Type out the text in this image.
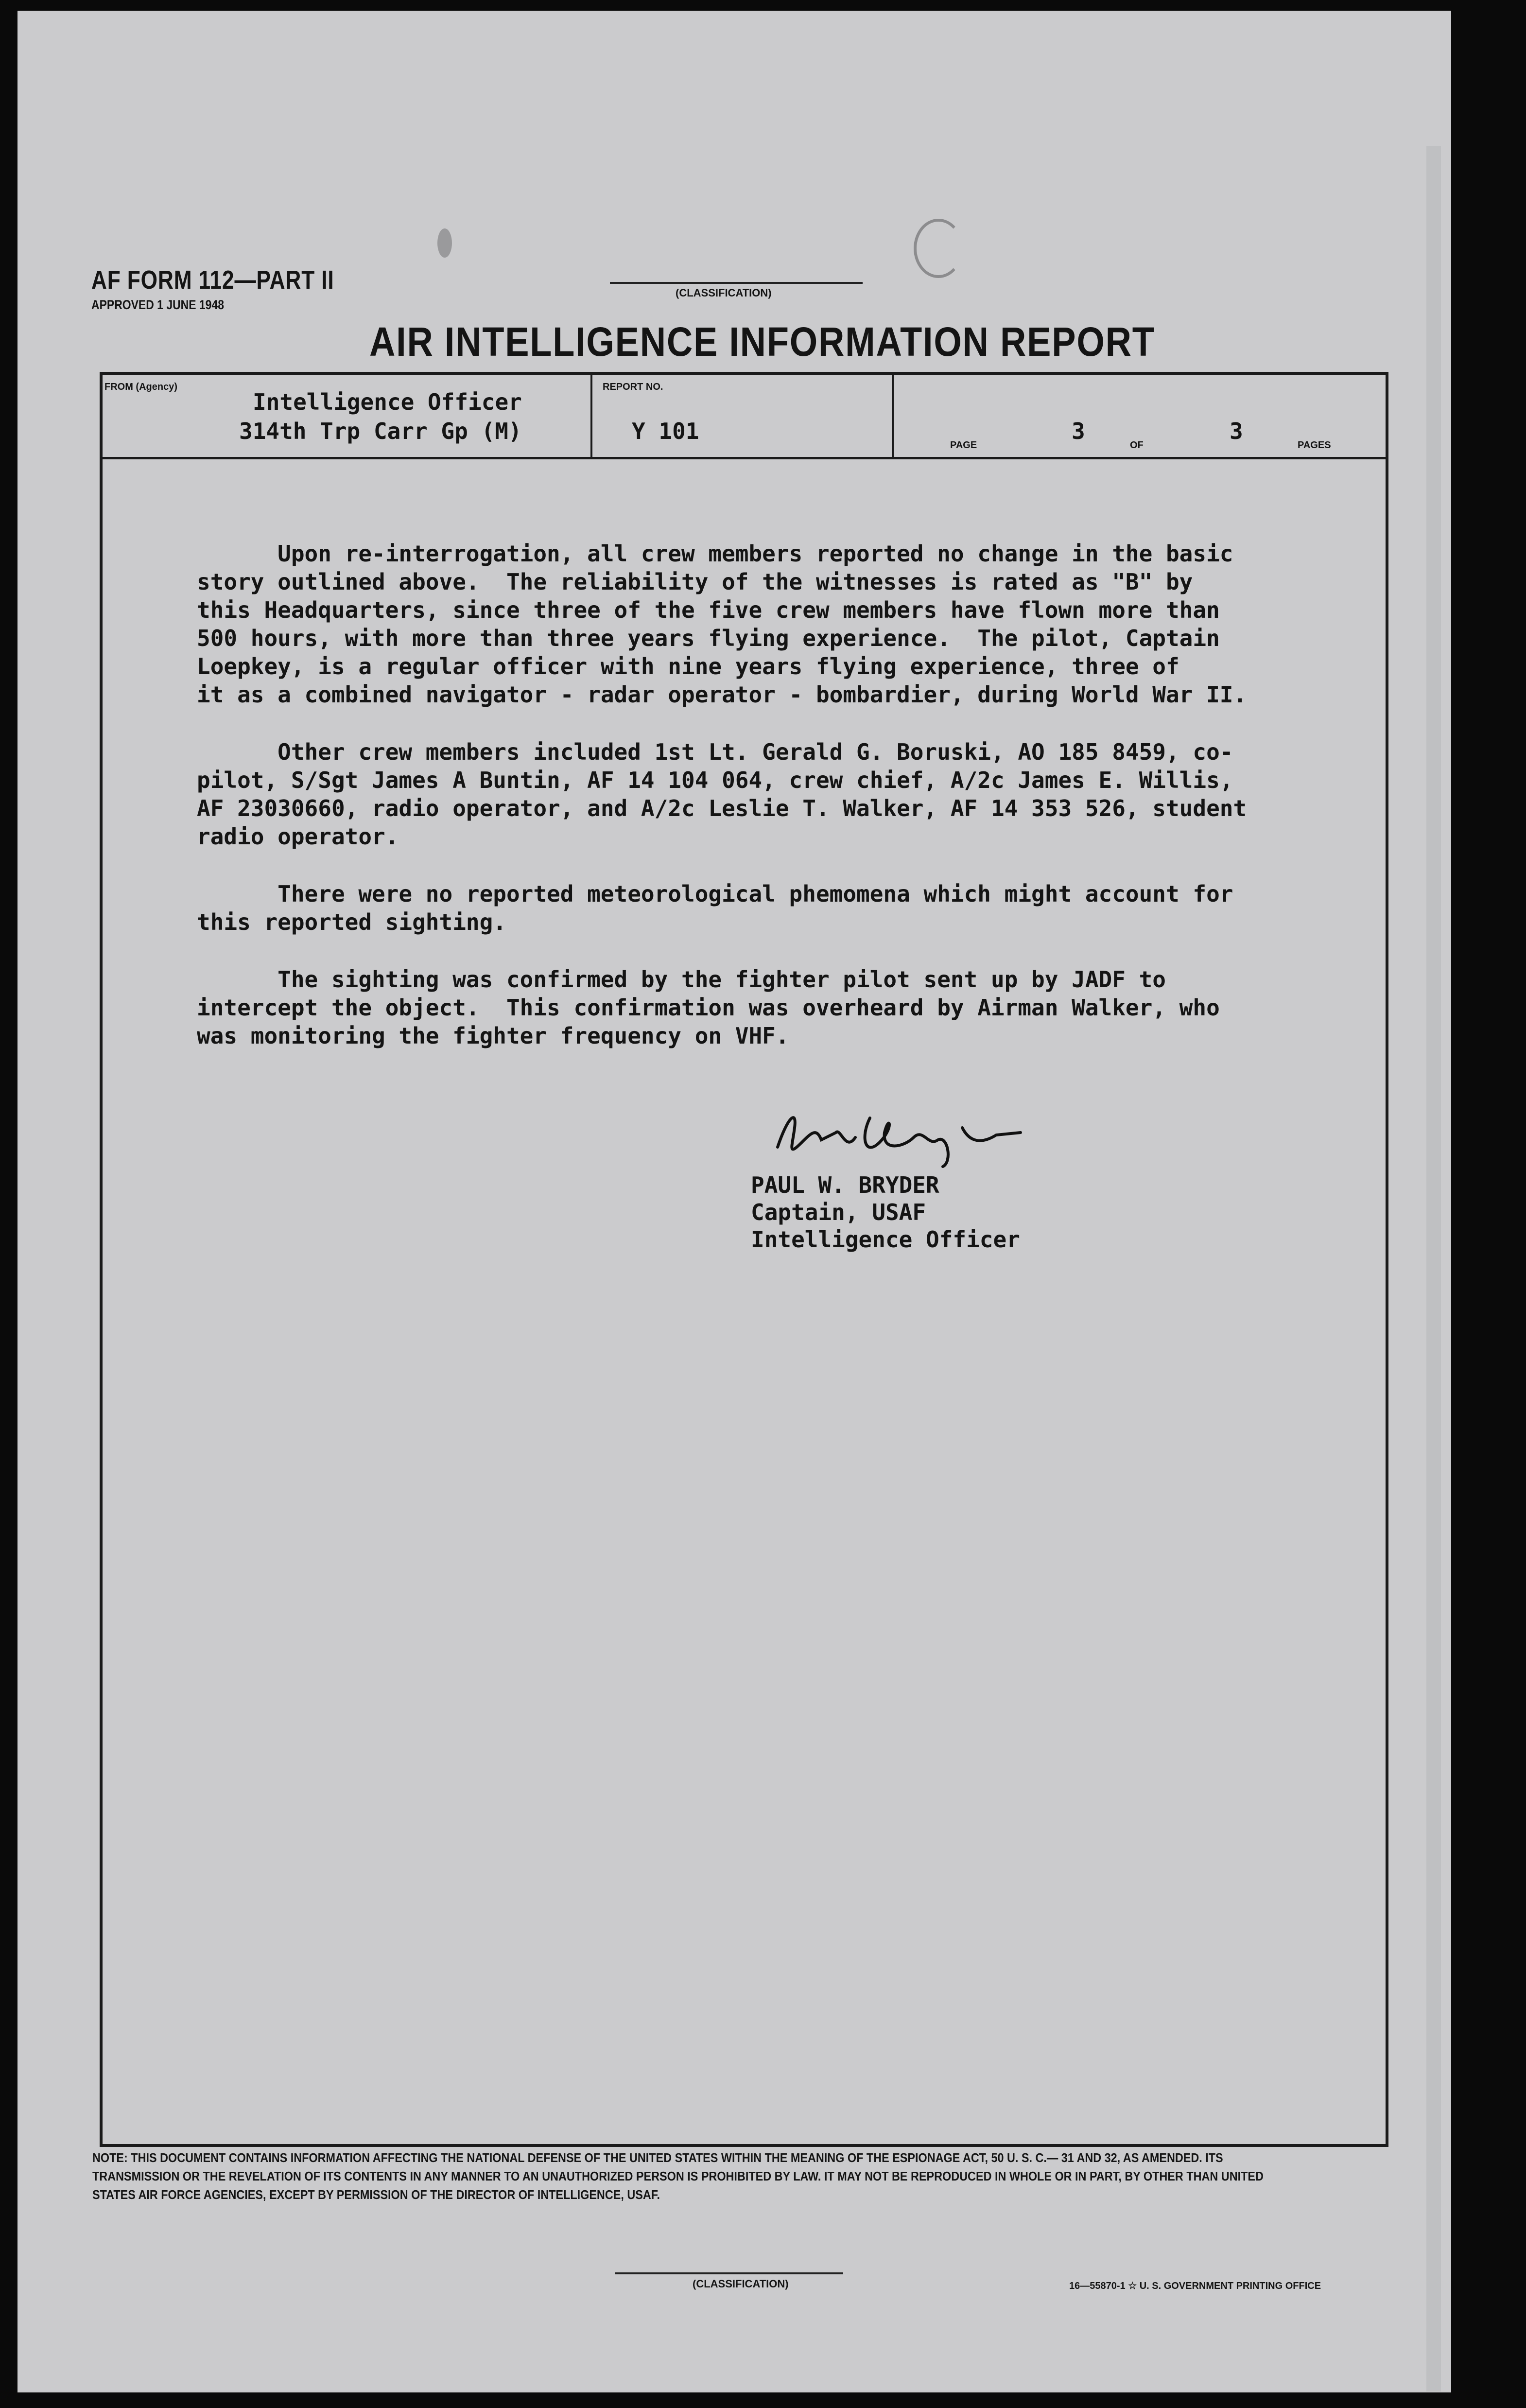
AF FORM 112—PART II
APPROVED 1 JUNE 1948
(CLASSIFICATION)
AIR INTELLIGENCE INFORMATION REPORT
FROM (Agency)
Intelligence Officer
314th Trp Carr Gp (M)
REPORT NO.
Y 101
PAGE
3
OF
3
PAGES

Upon re-interrogation, all crew members reported no change in the basic
story outlined above.  The reliability of the witnesses is rated as "B" by
this Headquarters, since three of the five crew members have flown more than
500 hours, with more than three years flying experience.  The pilot, Captain
Loepkey, is a regular officer with nine years flying experience, three of
it as a combined navigator - radar operator - bombardier, during World War II.

Other crew members included 1st Lt. Gerald G. Boruski, AO 185 8459, co-
pilot, S/Sgt James A Buntin, AF 14 104 064, crew chief, A/2c James E. Willis,
AF 23030660, radio operator, and A/2c Leslie T. Walker, AF 14 353 526, student
radio operator.

There were no reported meteorological phemomena which might account for
this reported sighting.

The sighting was confirmed by the fighter pilot sent up by JADF to
intercept the object.  This confirmation was overheard by Airman Walker, who
was monitoring the fighter frequency on VHF.

PAUL W. BRYDER
Captain, USAF
Intelligence Officer
NOTE: THIS DOCUMENT CONTAINS INFORMATION AFFECTING THE NATIONAL DEFENSE OF THE UNITED STATES WITHIN THE MEANING OF THE ESPIONAGE ACT, 50 U. S. C.— 31 AND 32, AS AMENDED. ITS TRANSMISSION OR THE REVELATION OF ITS CONTENTS IN ANY MANNER TO AN UNAUTHORIZED PERSON IS PROHIBITED BY LAW. IT MAY NOT BE REPRODUCED IN WHOLE OR IN PART, BY OTHER THAN UNITED STATES AIR FORCE AGENCIES, EXCEPT BY PERMISSION OF THE DIRECTOR OF INTELLIGENCE, USAF.
(CLASSIFICATION)	16—55870-1 ☆ U. S. GOVERNMENT PRINTING OFFICE
